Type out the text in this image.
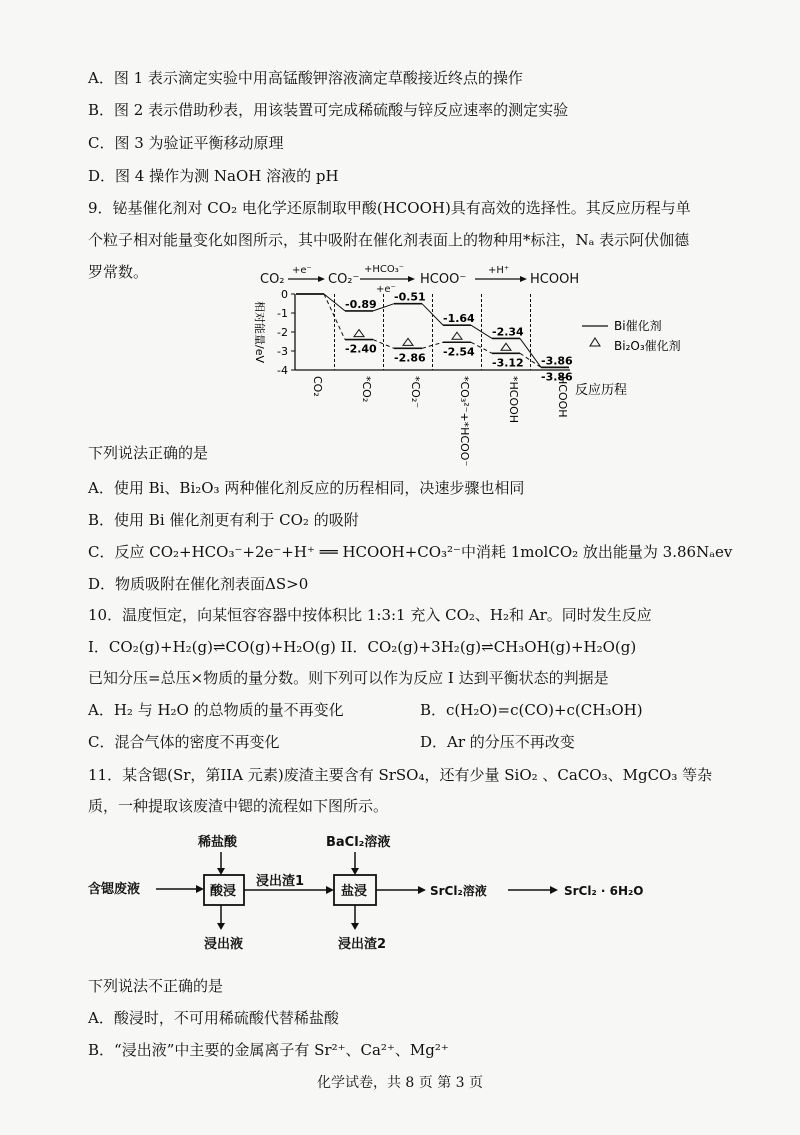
A．图 1 表示滴定实验中用高锰酸钾溶液滴定草酸接近终点的操作
B．图 2 表示借助秒表，用该装置可完成稀硫酸与锌反应速率的测定实验
C．图 3 为验证平衡移动原理
D．图 4 操作为测 NaOH 溶液的 pH
9．铋基催化剂对 CO₂ 电化学还原制取甲酸(HCOOH)具有高效的选择性。其反应历程与单
个粒子相对能量变化如图所示，其中吸附在催化剂表面上的物种用*标注，Nₐ 表示阿伏伽德
罗常数。	CO₂
+e⁻
CO₂⁻
+HCO₃⁻
+e⁻
HCOO⁻
+H⁺
HCOOH
0
-1
-2
-3
-4
相对能量/eV
反应历程
-0.89
-0.51
-1.64
-2.34
-3.86
-2.40
-2.86 -2.54
-3.12
-3.86
CO₂	*CO₂	*CO₂⁻	*CO₃²⁻+*HCOO⁻	*HCOOH	HCOOH
Bi催化剂
Bi₂O₃催化剂
下列说法正确的是
A．使用 Bi、Bi₂O₃ 两种催化剂反应的历程相同，决速步骤也相同
B．使用 Bi 催化剂更有利于 CO₂ 的吸附
C．反应 CO₂+HCO₃⁻+2e⁻+H⁺ ══ HCOOH+CO₃²⁻中消耗 1molCO₂ 放出能量为 3.86Nₐev
D．物质吸附在催化剂表面ΔS>0
10．温度恒定，向某恒容容器中按体积比 1:3:1 充入 CO₂、H₂和 Ar。同时发生反应
I．CO₂(g)+H₂(g)⇌CO(g)+H₂O(g) II．CO₂(g)+3H₂(g)⇌CH₃OH(g)+H₂O(g)
已知分压=总压×物质的量分数。则下列可以作为反应 I 达到平衡状态的判据是
A．H₂ 与 H₂O 的总物质的量不再变化	B．c(H₂O)=c(CO)+c(CH₃OH)
C．混合气体的密度不再变化	D．Ar 的分压不再改变
11．某含锶(Sr，第IIA 元素)废渣主要含有 SrSO₄，还有少量 SiO₂ 、CaCO₃、MgCO₃ 等杂
质，一种提取该废渣中锶的流程如下图所示。
含锶废液
稀盐酸
酸浸
浸出液
浸出渣1
BaCl₂溶液
盐浸
浸出渣2
SrCl₂溶液	SrCl₂ · 6H₂O
下列说法不正确的是
A．酸浸时，不可用稀硫酸代替稀盐酸
B．“浸出液”中主要的金属离子有 Sr²⁺、Ca²⁺、Mg²⁺
化学试卷，共 8 页 第 3 页
